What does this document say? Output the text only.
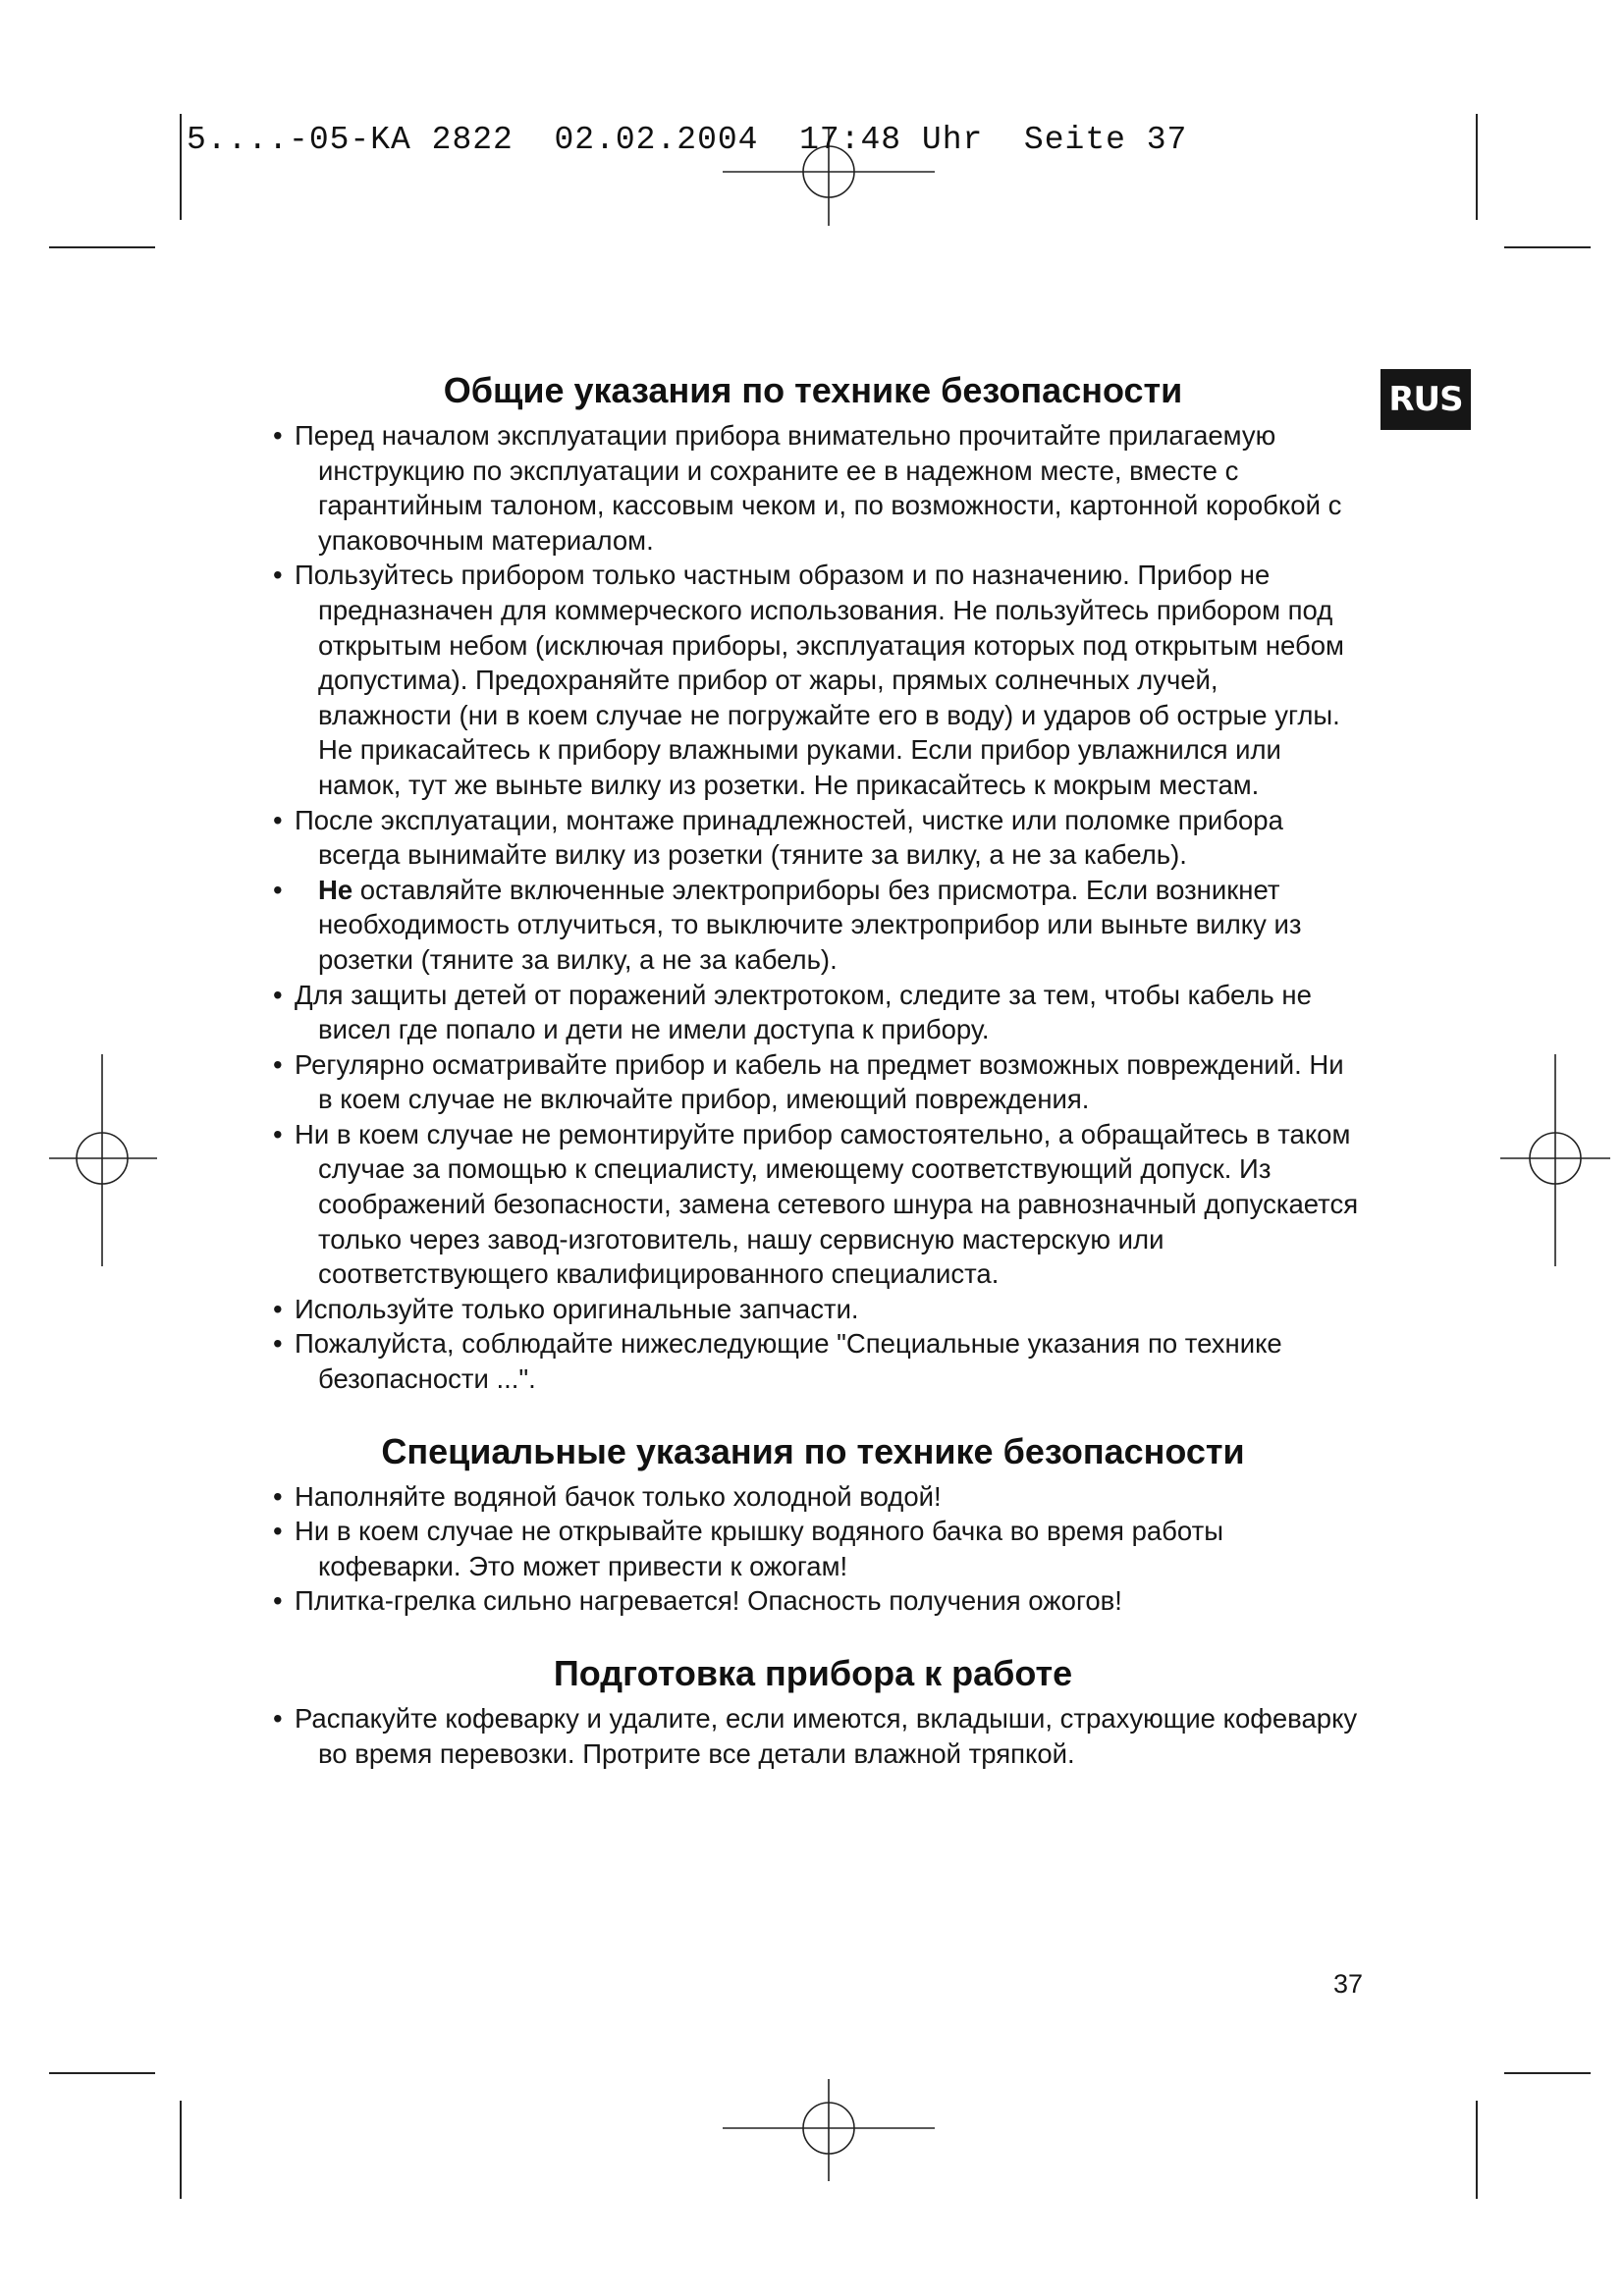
5....-05-KA 2822  02.02.2004  17:48 Uhr  Seite 37
RUS
Общие указания по технике безопасности
• Перед началом эксплуатации прибора внимательно прочитайте прилагаемую инструкцию по эксплуатации и сохраните ее в надежном месте, вместе с гарантийным талоном, кассовым чеком и, по возможности, картонной коробкой с упаковочным материалом.
• Пользуйтесь прибором только частным образом и по назначению. Прибор не предназначен для коммерческого использования. Не пользуйтесь прибором под открытым небом (исключая приборы, эксплуатация которых под открытым небом допустима). Предохраняйте прибор от жары, прямых солнечных лучей, влажности (ни в коем случае не погружайте его в воду) и ударов об острые углы. Не прикасайтесь к прибору влажными руками. Если прибор увлажнился или намок, тут же выньте вилку из розетки. Не прикасайтесь к мокрым местам.
• После эксплуатации, монтаже принадлежностей, чистке или поломке прибора всегда вынимайте вилку из розетки (тяните за вилку, а не за кабель).
• Не оставляйте включенные электроприборы без присмотра. Если возникнет необходимость отлучиться, то выключите электроприбор или выньте вилку из розетки (тяните за вилку, а не за кабель).
• Для защиты детей от поражений электротоком, следите за тем, чтобы кабель не висел где попало и дети не имели доступа к прибору.
• Регулярно осматривайте прибор и кабель на предмет возможных повреждений. Ни в коем случае не включайте прибор, имеющий повреждения.
• Ни в коем случае не ремонтируйте прибор самостоятельно, а обращайтесь в таком случае за помощью к специалисту, имеющему соответствующий допуск. Из соображений безопасности, замена сетевого шнура на равнозначный допускается только через завод-изготовитель, нашу сервисную мастерскую или соответствующего квалифицированного специалиста.
• Используйте только оригинальные запчасти.
• Пожалуйста, соблюдайте нижеследующие "Специальные указания по технике безопасности ...".
Специальные указания по технике безопасности
• Наполняйте водяной бачок только холодной водой!
• Ни в коем случае не открывайте крышку водяного бачка во время работы кофеварки. Это может привести к ожогам!
• Плитка-грелка сильно нагревается! Опасность получения ожогов!
Подготовка прибора к работе
• Распакуйте кофеварку и удалите, если имеются, вкладыши, страхующие кофеварку во время перевозки. Протрите все детали влажной тряпкой.
37
